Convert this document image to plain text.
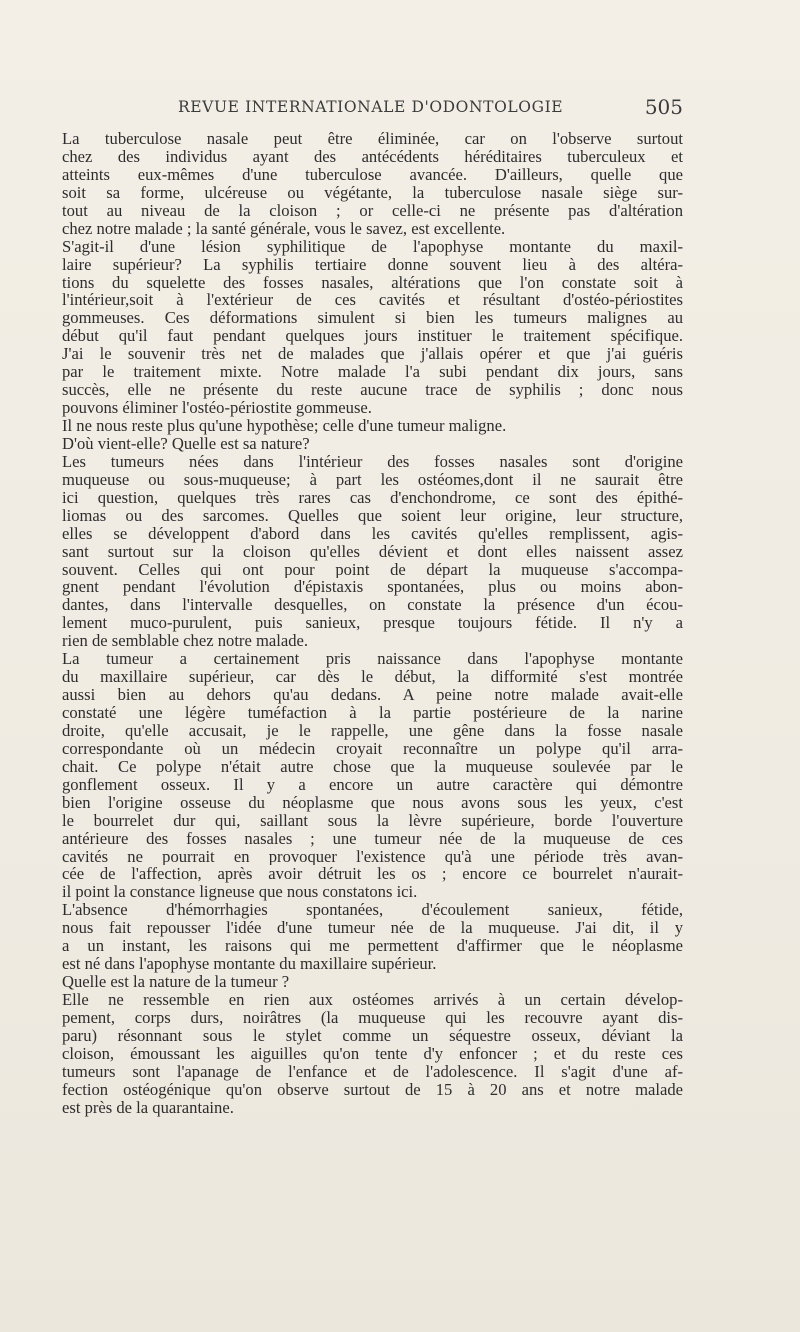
REVUE INTERNATIONALE D'ODONTOLOGIE	505
La tuberculose nasale peut être éliminée, car on l'observe surtout
chez des individus ayant des antécédents héréditaires tuberculeux et
atteints eux-mêmes d'une tuberculose avancée. D'ailleurs, quelle que
soit sa forme, ulcéreuse ou végétante, la tuberculose nasale siège sur-
tout au niveau de la cloison ; or celle-ci ne présente pas d'altération
chez notre malade ; la santé générale, vous le savez, est excellente.
S'agit-il d'une lésion syphilitique de l'apophyse montante du maxil-
laire supérieur? La syphilis tertiaire donne souvent lieu à des altéra-
tions du squelette des fosses nasales, altérations que l'on constate soit à
l'intérieur,soit à l'extérieur de ces cavités et résultant d'ostéo-périostites
gommeuses. Ces déformations simulent si bien les tumeurs malignes au
début qu'il faut pendant quelques jours instituer le traitement spécifique.
J'ai le souvenir très net de malades que j'allais opérer et que j'ai guéris
par le traitement mixte. Notre malade l'a subi pendant dix jours, sans
succès, elle ne présente du reste aucune trace de syphilis ; donc nous
pouvons éliminer l'ostéo-périostite gommeuse.
Il ne nous reste plus qu'une hypothèse; celle d'une tumeur maligne.
D'où vient-elle? Quelle est sa nature?
Les tumeurs nées dans l'intérieur des fosses nasales sont d'origine
muqueuse ou sous-muqueuse; à part les ostéomes,dont il ne saurait être
ici question, quelques très rares cas d'enchondrome, ce sont des épithé-
liomas ou des sarcomes. Quelles que soient leur origine, leur structure,
elles se développent d'abord dans les cavités qu'elles remplissent, agis-
sant surtout sur la cloison qu'elles dévient et dont elles naissent assez
souvent. Celles qui ont pour point de départ la muqueuse s'accompa-
gnent pendant l'évolution d'épistaxis spontanées, plus ou moins abon-
dantes, dans l'intervalle desquelles, on constate la présence d'un écou-
lement muco-purulent, puis sanieux, presque toujours fétide. Il n'y a
rien de semblable chez notre malade.
La tumeur a certainement pris naissance dans l'apophyse montante
du maxillaire supérieur, car dès le début, la difformité s'est montrée
aussi bien au dehors qu'au dedans. A peine notre malade avait-elle
constaté une légère tuméfaction à la partie postérieure de la narine
droite, qu'elle accusait, je le rappelle, une gêne dans la fosse nasale
correspondante où un médecin croyait reconnaître un polype qu'il arra-
chait. Ce polype n'était autre chose que la muqueuse soulevée par le
gonflement osseux. Il y a encore un autre caractère qui démontre
bien l'origine osseuse du néoplasme que nous avons sous les yeux, c'est
le bourrelet dur qui, saillant sous la lèvre supérieure, borde l'ouverture
antérieure des fosses nasales ; une tumeur née de la muqueuse de ces
cavités ne pourrait en provoquer l'existence qu'à une période très avan-
cée de l'affection, après avoir détruit les os ; encore ce bourrelet n'aurait-
il point la constance ligneuse que nous constatons ici.
L'absence d'hémorrhagies spontanées, d'écoulement sanieux, fétide,
nous fait repousser l'idée d'une tumeur née de la muqueuse. J'ai dit, il y
a un instant, les raisons qui me permettent d'affirmer que le néoplasme
est né dans l'apophyse montante du maxillaire supérieur.
Quelle est la nature de la tumeur ?
Elle ne ressemble en rien aux ostéomes arrivés à un certain dévelop-
pement, corps durs, noirâtres (la muqueuse qui les recouvre ayant dis-
paru) résonnant sous le stylet comme un séquestre osseux, déviant la
cloison, émoussant les aiguilles qu'on tente d'y enfoncer ; et du reste ces
tumeurs sont l'apanage de l'enfance et de l'adolescence. Il s'agit d'une af-
fection ostéogénique qu'on observe surtout de 15 à 20 ans et notre malade
est près de la quarantaine.
